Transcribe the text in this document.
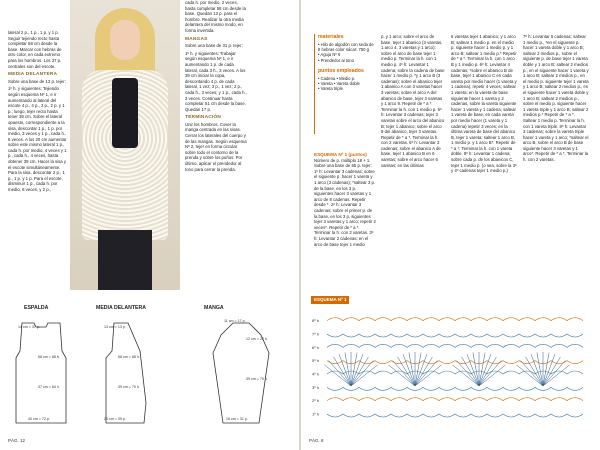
lateral 2 p., 1 p., 1 p. y 1 p. Seguir tejiendo recto hasta completar 58 cm desde la base. Marcar con hebras de otro color, en cada extremo para los hombros. Los 37 p. centrales son del escote.

MEDIA DELANTERA

Sobre una base de 13 p. tejer:

1º h. y siguientes: Tejiendo según esquema Nº 1, e ir aumentando al lateral del escote 4 p., 4 p., 2 p., 2 p. y 1 p.; luego, tejer recto hasta tener 39 cm. Sobre el lateral opuesto, correspondiente a la sisa, descontar 1 p., 1 p. por medio, 3 veces y 1 p., cada h., 6 veces. A los 20 cm aumentar sobre este mismo lateral 1 p., cada h. por medio, 4 veces y 1 p., cada h., 4 veces, hasta obtener 39 cm. Hacer la sisa y el escote simultáneamente. Para la sisa, descontar 2 p., 1 p., 1 p. y 1 p. Para el escote, disminuir 1 p., cada h. por medio, 6 veces, y 2 p.,

cada h. por medio, 2 veces, hasta completar 58 cm desde la base. Quedan 13 p. para el hombro. Realizar la otra media delantera del mismo modo, en forma invertida.

MANGAS

Sobre una base de 31 p. tejer:

1º h. y siguientes: Trabajar según esquema Nº 1, e ir aumentando 1 p. de cada lateral, cada 3 h., 3 veces. A los 39 cm iniciar la copa, descontando 4 p. de cada lateral, 1 vez; 3 p., 1 vez; 2 p., cada h., 3 veces; y 1 p., cada h., 3 veces. Continuar hasta completar 51 cm desde la base. Quedan 17 p.

TERMINACIÓN

Unir los hombros. Coser la manga centrada en las sisas. Cerrar los laterales del cuerpo y de las mangas. Según esquema Nº 2, tejer en forma circular sobre todo el contorno de la prenda y sobre los puños. Por último, aplicar el prendedor al tono para cerrar la prenda.

ESPALDA
14 cm = 37 p.
58 cm = 88 h.
37 cm = 64 h.
40 cm = 72 p.
MEDIA DELANTERA
13 cm = 13 p.
58 cm = 88 h.
39 cm = 70 h.
20 cm = 39 p.
MANGA
11 cm = 17 p.
12 cm = 22 h.
39 cm = 70 h.
16 cm = 31 p.
PÁG. 12
materiales
• Hilo de algodón con seda de 8 hebras color nácar: 750 g
• Aguja Nº 6
• Prendedor al tono
puntos empleados
• Cadena • Medio p.
• Vareta • Vareta doble
• Vareta triple
ESQUEMA Nº 1 (puntos)
Número de p. múltiplo 18 + 1. Sobre una base de 55 p. tejer: 1º h: Levantar 3 cadenas; sobre el siguiente p. hacer 1 vareta y 1 arco (3 cadenas); *saltear 3 p. de la base, en los 3 p. siguientes hacer 3 varetas y 1 arco de 8 cadenas. Repetir desde *. 2º h: Levantar 3 cadenas; sobre el primer p. de la base, en los 3 p. siguientes tejer 3 varetas y 1 arco; repetir 2 veces*. Repetir de * a *. Terminar la h. con 2 varetas. 3º h: Levantar 2 cadenas; en el arco de base tejer 1 medio
p. y 1 arco; sobre el arco de base, tejer 1 abanico (3 varetas, 1 arco 4, 3 varetas y 1 arco); sobre el arco de base tejer 1 medio p. Terminar la h. con 1 medio p. 4º h: Levantar 1 cadena; sobre la cadena de base hacer 1 medio p. *y 1 arco B (3 cadenas); sobre el abanico tejer 1 abanico A con 3 varetas hacer 3 varetas; sobre el arco A del abanico de base, tejer 3 varetas y 1 arco 9. Repetir de * a *. Terminar la h. con 1 medio p. 5º h: Levantar 3 cadenas; tejer 3 varetas sobre el arco del abanico B; tejer 1 abanico; sobre el arco 9 del abanico, tejer 3 varetas. Repetir de * a *. Terminar la h. con 2 varetas. 6º h: Levantar 3 cadenas; sobre el abanico A de base, tejer 1 abanico B en 6 varetas; sobre el arco hacer 6 varetas; en las últimas
6 varetas tejer 1 abanico; y 1 arco B; saltear 1 medio p. en el medio p. siguiente hacer 1 medio p. y 1 arco B; saltear 1 medio p.* Repetir de * a *. Terminar la h. con 1 arco B y 1 medio p. 6º h: Levantar 4 cadenas; *sobre el abanico B de base, tejer 1 abanico C en cada vareta por medio hacer (1 vareta y 1 cadena), repetir 4 veces; saltear 1 vareta; en la vareta de base siguiente hacer 1 vareta y 2 cadenas, sobre la vareta siguiente hacer 1 vareta y 1 cadena; saltear 1 vareta de base, en cada vareta por medio hacer (1 vareta y 1 cadena) repetir 3 veces; en la última vareta de base del abanico B, tejer 1 vareta; saltear 1 arco B, 1 medio p. y 1 arco B*. Repetir de * a *. Terminar la h. con 1 vareta doble. 8º h: Levantar 1 cadena; sobre cada p. de los abanicos C, tejer 1 medio p. (o sea, sobre la 3º y 4º cadenas tejer 1 medio p.)
7º h: Levantar 5 cadenas; saltear 1 medio p., *en el siguiente p. hacer 1 vareta doble y 1 arco B; saltear 2 medios p., sobre el siguiente p. de base tejer 1 vareta doble y 1 arco B; saltear 2 medios p., en el siguiente hacer 1 vareta y 1 arco B; saltear 2 medios p., en el medio p. siguiente tejer 1 vareta y 1 arco B; saltear 2 medios p., en el siguiente hacer 1 vareta doble y 1 arco B; saltear 2 medios p., sobre el medio p. siguiente hacer 1 vareta triple y 1 arco B; saltear 2 medios p.* Repetir de * a *. Saltear 1 medio p. Terminar la h. con 1 vareta triple. 8º h: Levantar 3 cadenas; sobre la vareta triple hacer 1 vareta y 1 arco; *saltear el arco B, sobre el arco B de base siguiente hacer 3 varetas y 1 arco*. Repetir de * a *. Terminar la h. con 2 varetas.
ESQUEMA Nº 1
8º h
7º h
6º h
5º h
4º h
3º h
2º h
1º h
PÁG. 8
